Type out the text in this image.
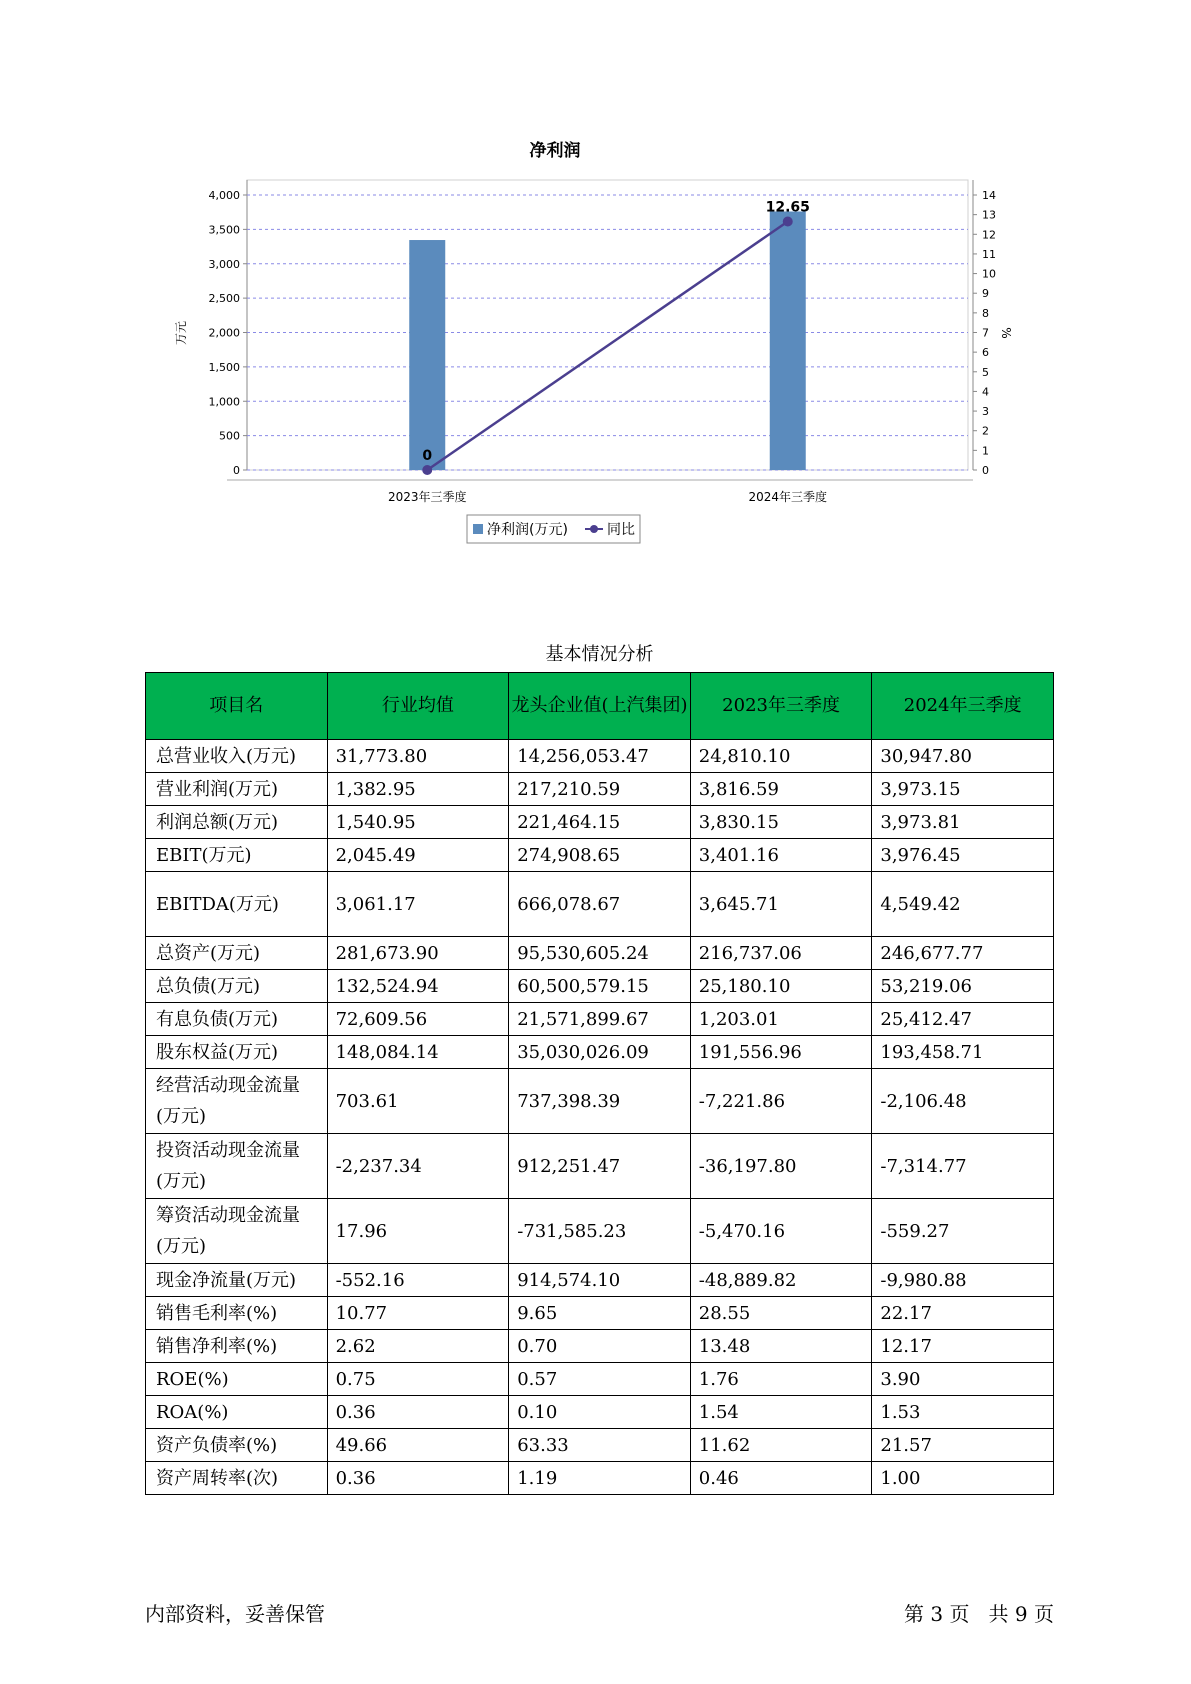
净利润
0
500
1,000
1,500
2,000
2,500
3,000
3,500
4,000
0
1
2
3
4
5
6
7
8
9
10
11
12
13
14
万元	%
2023年三季度	2024年三季度
0
12.65
净利润(万元)	同比
基本情况分析
项目名	行业均值	龙头企业值(上汽集团)	2023年三季度	2024年三季度
总营业收入(万元)	31,773.80	14,256,053.47	24,810.10	30,947.80
营业利润(万元)	1,382.95	217,210.59	3,816.59	3,973.15
利润总额(万元)	1,540.95	221,464.15	3,830.15	3,973.81
EBIT(万元)	2,045.49	274,908.65	3,401.16	3,976.45
EBITDA(万元)	3,061.17	666,078.67	3,645.71	4,549.42
总资产(万元)	281,673.90	95,530,605.24	216,737.06	246,677.77
总负债(万元)	132,524.94	60,500,579.15	25,180.10	53,219.06
有息负债(万元)	72,609.56	21,571,899.67	1,203.01	25,412.47
股东权益(万元)	148,084.14	35,030,026.09	191,556.96	193,458.71
经营活动现金流量(万元)	703.61	737,398.39	-7,221.86	-2,106.48
投资活动现金流量(万元)	-2,237.34	912,251.47	-36,197.80	-7,314.77
筹资活动现金流量(万元)	17.96	-731,585.23	-5,470.16	-559.27
现金净流量(万元)	-552.16	914,574.10	-48,889.82	-9,980.88
销售毛利率(%)	10.77	9.65	28.55	22.17
销售净利率(%)	2.62	0.70	13.48	12.17
ROE(%)	0.75	0.57	1.76	3.90
ROA(%)	0.36	0.10	1.54	1.53
资产负债率(%)	49.66	63.33	11.62	21.57
资产周转率(次)	0.36	1.19	0.46	1.00
内部资料，妥善保管	第 3 页   共 9 页
